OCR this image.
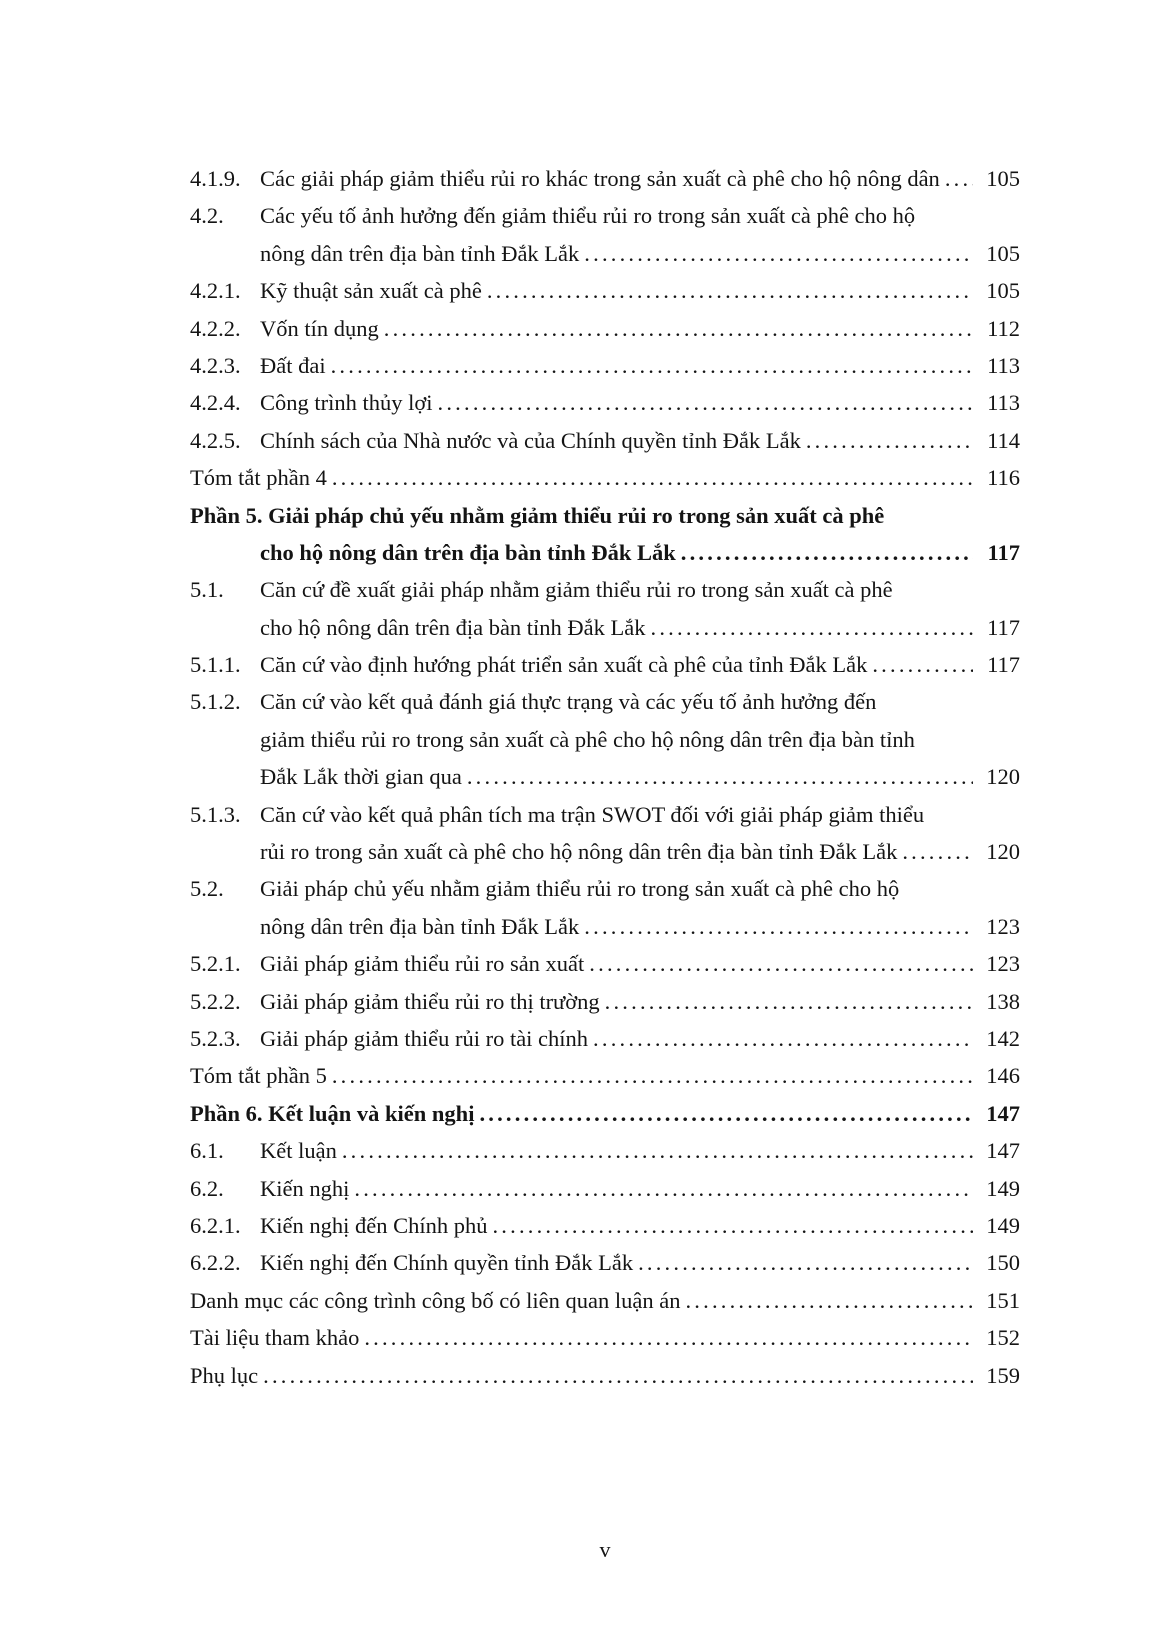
4.1.9. Các giải pháp giảm thiểu rủi ro khác trong sản xuất cà phê cho hộ nông dân .....	105
4.2.	Các yếu tố ảnh hưởng đến giảm thiểu rủi ro trong sản xuất cà phê cho hộ
nông dân trên địa bàn tỉnh Đắk Lắk .....	105
4.2.1. Kỹ thuật sản xuất cà phê .....	105
4.2.2. Vốn tín dụng .....	112
4.2.3. Đất đai .....	113
4.2.4. Công trình thủy lợi .....	113
4.2.5. Chính sách của Nhà nước và của Chính quyền tỉnh Đắk Lắk .....	114
Tóm tắt phần 4 .....	116
Phần 5. Giải pháp chủ yếu nhằm giảm thiểu rủi ro trong sản xuất cà phê
cho hộ nông dân trên địa bàn tỉnh Đắk Lắk .....	117
5.1.	Căn cứ đề xuất giải pháp nhằm giảm thiểu rủi ro trong sản xuất cà phê
cho hộ nông dân trên địa bàn tỉnh Đắk Lắk .....	117
5.1.1. Căn cứ vào định hướng phát triển sản xuất cà phê của tỉnh Đắk Lắk .....	117
5.1.2. Căn cứ vào kết quả đánh giá thực trạng và các yếu tố ảnh hưởng đến
giảm thiểu rủi ro trong sản xuất cà phê cho hộ nông dân trên địa bàn tỉnh
Đắk Lắk thời gian qua .....	120
5.1.3. Căn cứ vào kết quả phân tích ma trận SWOT đối với giải pháp giảm thiểu
rủi ro trong sản xuất cà phê cho hộ nông dân trên địa bàn tỉnh Đắk Lắk .....	120
5.2.	Giải pháp chủ yếu nhằm giảm thiểu rủi ro trong sản xuất cà phê cho hộ
nông dân trên địa bàn tỉnh Đắk Lắk .....	123
5.2.1. Giải pháp giảm thiểu rủi ro sản xuất .....	123
5.2.2. Giải pháp giảm thiểu rủi ro thị trường .....	138
5.2.3. Giải pháp giảm thiểu rủi ro tài chính .....	142
Tóm tắt phần 5 .....	146
Phần 6. Kết luận và kiến nghị .....	147
6.1.	Kết luận .....	147
6.2.	Kiến nghị .....	149
6.2.1. Kiến nghị đến Chính phủ .....	149
6.2.2. Kiến nghị đến Chính quyền tỉnh Đắk Lắk .....	150
Danh mục các công trình công bố có liên quan luận án .....	151
Tài liệu tham khảo .....	152
Phụ lục .....	159
v
